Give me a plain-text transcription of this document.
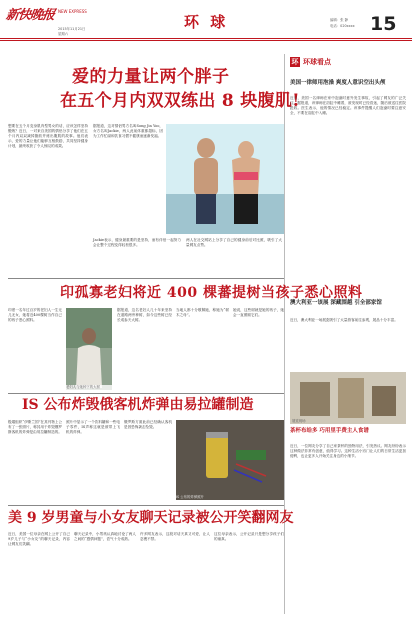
新快晚报 NEW EXPRESS
2015年11月21日
星期六
环 球	编辑：张 静
电话：020xxxx 15
爱的力量让两个胖子
在五个月内双双练出 8 块腹肌!
想要在五个月变身肌肉型男女的话，应该怎样坚持锻炼？近日，一对来自美国的情侣分享了他们在五个月内双双减掉脂肪并练出腹肌的故事。他们表示，爱的力量让他们能够互相鼓励，共同坚持健身计划，最终收获了令人惊叹的成果。
据报道，这对情侣男方名叫Song Jin Yoo，女方名叫Jackie，两人此前体重都超标，因为工作忙碌和饮食习惯不健康而逐渐发福。
Jackie表示，健身最重要的是坚持，而有伴侣一起努力会让整个过程变得轻松很多。
两人在社交网站上分享了自己的健身前后对比照，吸引了大量网友点赞。
印孤寡老妇将近 400 棵蕃提树当孩子悉心照料
印度一名年过百岁的老妇人一生无儿无女，她将近400棵树当作自己的孩子悉心照料。
老妇人与她种下的大树
据报道，这名老妇人几十年来坚持在道路两旁种树，如今这些树已经长成参天大树。
当地人都十分敬佩她，称她为“树木之母”。
她说，这些树就是她的孩子，她会一直照顾它们。
IS 公布炸毁俄客机炸弹由易拉罐制造
极端组织“伊斯兰国”在其刊物上公布了一张照片，称其用于炸毁俄罗斯客机的炸弹是由易拉罐制造的。
照片中显示了一个饮料罐和一些电子零件，IS声称这就是被带上飞机的炸弹。
俄罗斯方面此前已经确认客机是因恐怖袭击坠毁。
IS 公布的炸弹照片
美 9 岁男童与小女友聊天记录被公开笑翻网友
近日，美国一位母亲在网上公开了自己9岁儿子与“小女友”的聊天记录，内容让网友们笑翻。
聊天记录中，小男孩认真地讨论了两人之间的“感情问题”，语气十分成熟。
许多网友表示，这段对话天真又可爱，让人忍俊不禁。
这位母亲表示，公开记录只是想分享孩子们的童真。
环 环球看点
美国一律师用泡澡 爽度人意识空出头颅
近日，美国一名律师在家中泡澡时意外发生事故，引起了网友的广泛关注。据报道，该律师在浴缸中睡着，被发现时已经昏迷，随后被送往医院抢救。医生表示，他的情况已经稳定。该事件提醒人们泡澡时要注意安全，不要在浴缸中入睡。
澳大利亚一该展 深藏围越 引全部家馆
近日，澳大利亚一场展览吸引了大量游客前往参观，展品十分丰富。
展览现场
茶杯布给多 巧用里手费主人食谱
近日，一位网友分享了自己家茶杯的独特用法，引发热议。网友纷纷表示这种做法非常有创意，值得学习。这种生活小窍门让人们的日常生活更加便利，也让更多人开始关注身边的小细节。
